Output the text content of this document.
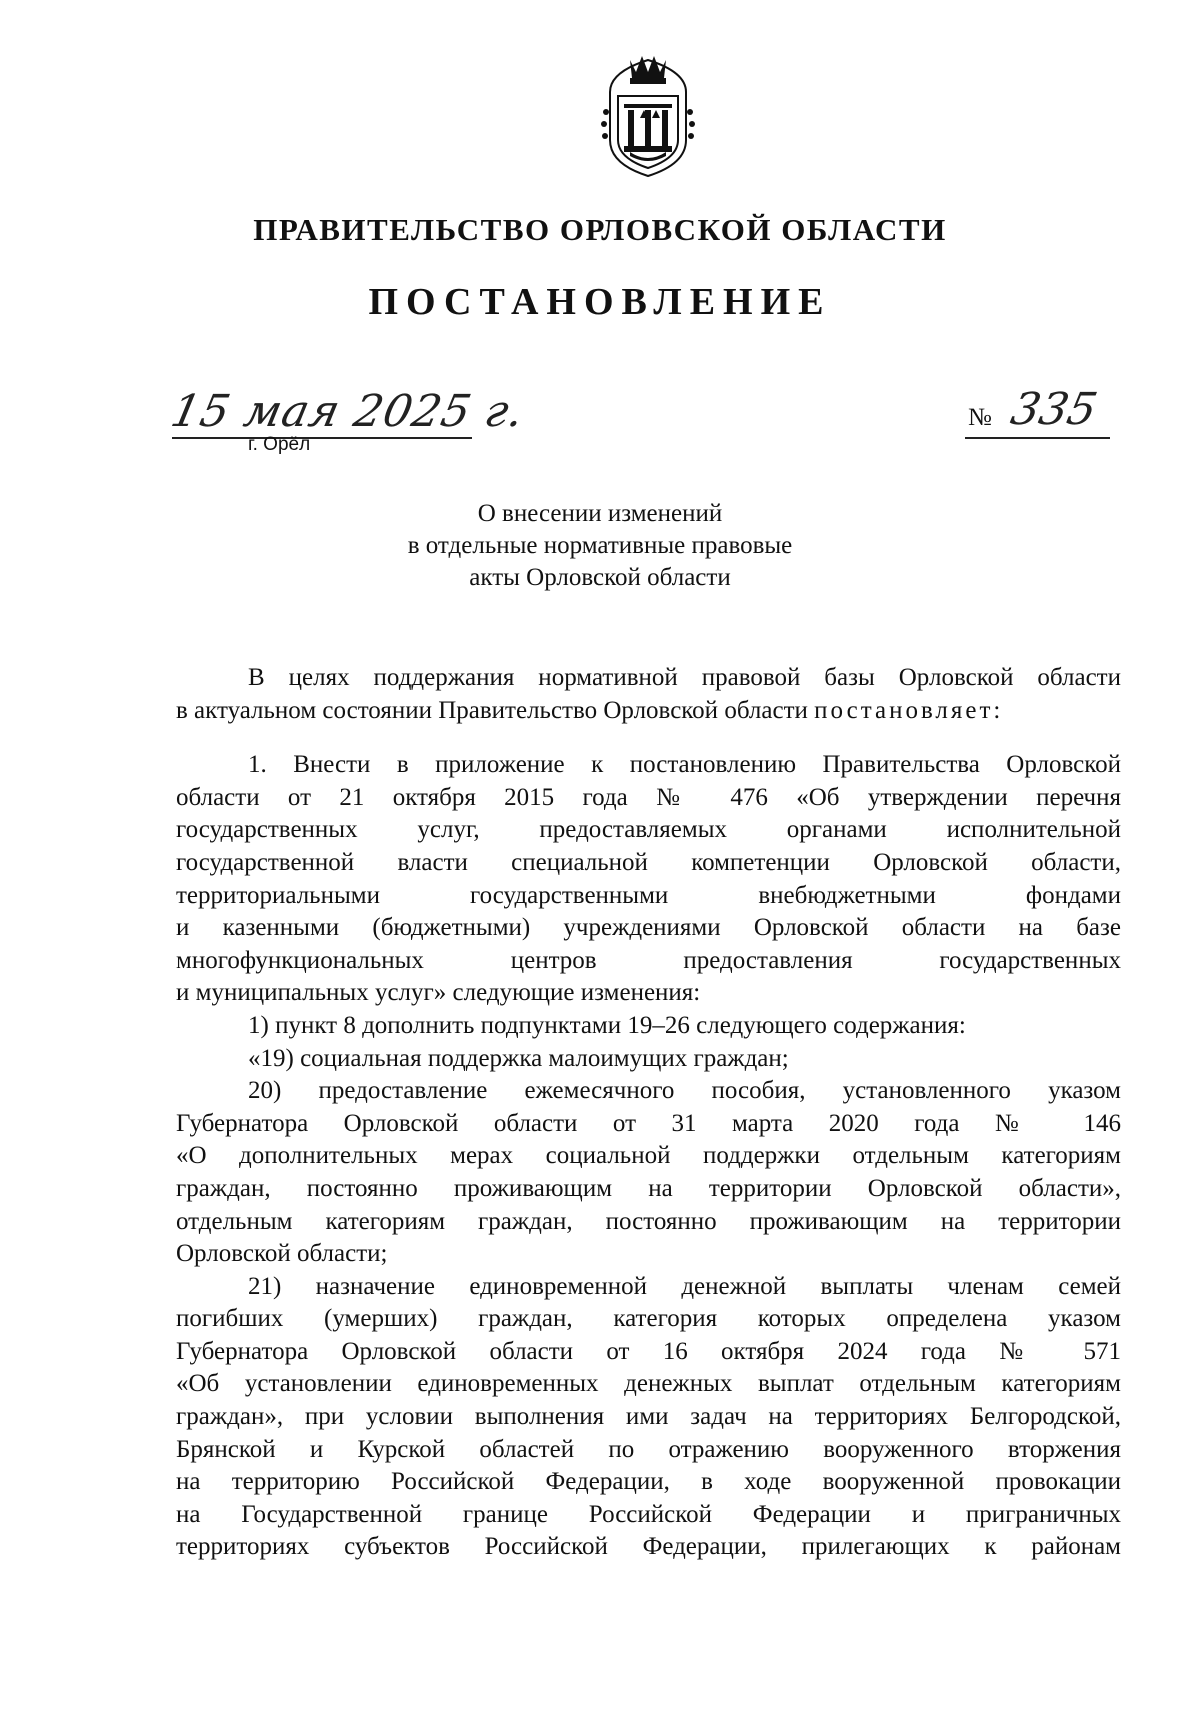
ПРАВИТЕЛЬСТВО ОРЛОВСКОЙ ОБЛАСТИ
ПОСТАНОВЛЕНИЕ
15 мая 2025 г.
г. Орёл
№ 335
О внесении изменений
в отдельные нормативные правовые
акты Орловской области
В целях поддержания нормативной правовой базы Орловской области
в актуальном состоянии Правительство Орловской области постановляет:
1. Внести в приложение к постановлению Правительства Орловской
области от 21 октября 2015 года № 476 «Об утверждении перечня
государственных услуг, предоставляемых органами исполнительной
государственной власти специальной компетенции Орловской области,
территориальными государственными внебюджетными фондами
и казенными (бюджетными) учреждениями Орловской области на базе
многофункциональных центров предоставления государственных
и муниципальных услуг» следующие изменения:
1) пункт 8 дополнить подпунктами 19–26 следующего содержания:
«19) социальная поддержка малоимущих граждан;
20) предоставление ежемесячного пособия, установленного указом
Губернатора Орловской области от 31 марта 2020 года № 146
«О дополнительных мерах социальной поддержки отдельным категориям
граждан, постоянно проживающим на территории Орловской области»,
отдельным категориям граждан, постоянно проживающим на территории
Орловской области;
21) назначение единовременной денежной выплаты членам семей
погибших (умерших) граждан, категория которых определена указом
Губернатора Орловской области от 16 октября 2024 года № 571
«Об установлении единовременных денежных выплат отдельным категориям
граждан», при условии выполнения ими задач на территориях Белгородской,
Брянской и Курской областей по отражению вооруженного вторжения
на территорию Российской Федерации, в ходе вооруженной провокации
на Государственной границе Российской Федерации и приграничных
территориях субъектов Российской Федерации, прилегающих к районам
